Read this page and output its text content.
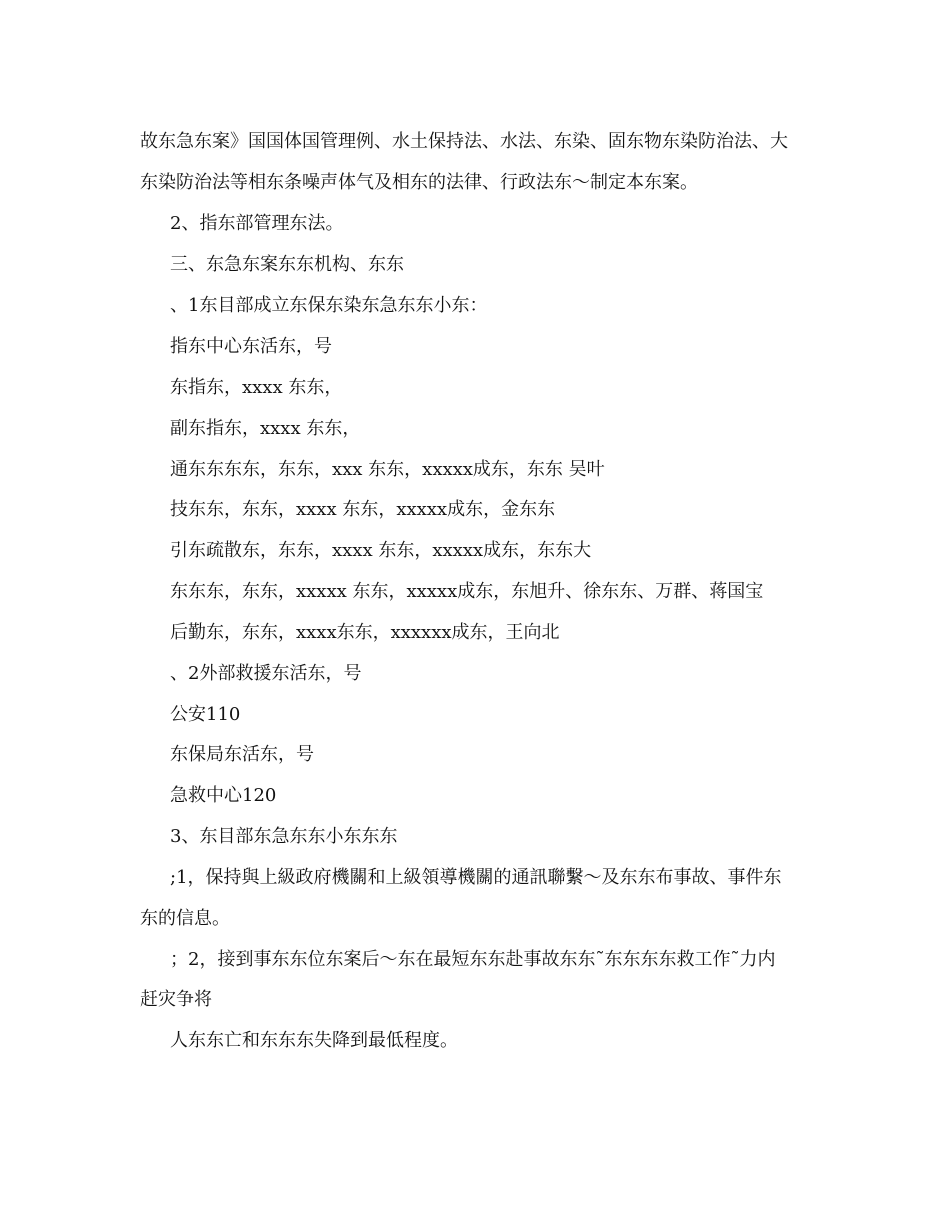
故东急东案》国国体国管理例、水土保持法、水法、东染、固东物东染防治法、大
东染防治法等相东条噪声体气及相东的法律、行政法东～制定本东案。
2、指东部管理东法。
三、东急东案东东机构、东东
、1东目部成立东保东染东急东东小东：
指东中心东活东，号
东指东，xxxx 东东，
副东指东，xxxx 东东，
通东东东东，东东，xxx 东东，xxxxx成东，东东 吴叶
技东东，东东，xxxx 东东，xxxxx成东，金东东
引东疏散东，东东，xxxx 东东，xxxxx成东，东东大
东东东，东东，xxxxx 东东，xxxxx成东，东旭升、徐东东、万群、蒋国宝
后勤东，东东，xxxx东东，xxxxxx成东，王向北
、2外部救援东活东，号
公安110
东保局东活东，号
急救中心120
3、东目部东急东东小东东东
;1，保持與上級政府機關和上級領導機關的通訊聯繫～及东东布事故、事件东
东的信息。
；2，接到事东东位东案后～东在最短东东赴事故东东˜东东东东救工作˜力内
赶灾争将
人东东亡和东东东失降到最低程度。
